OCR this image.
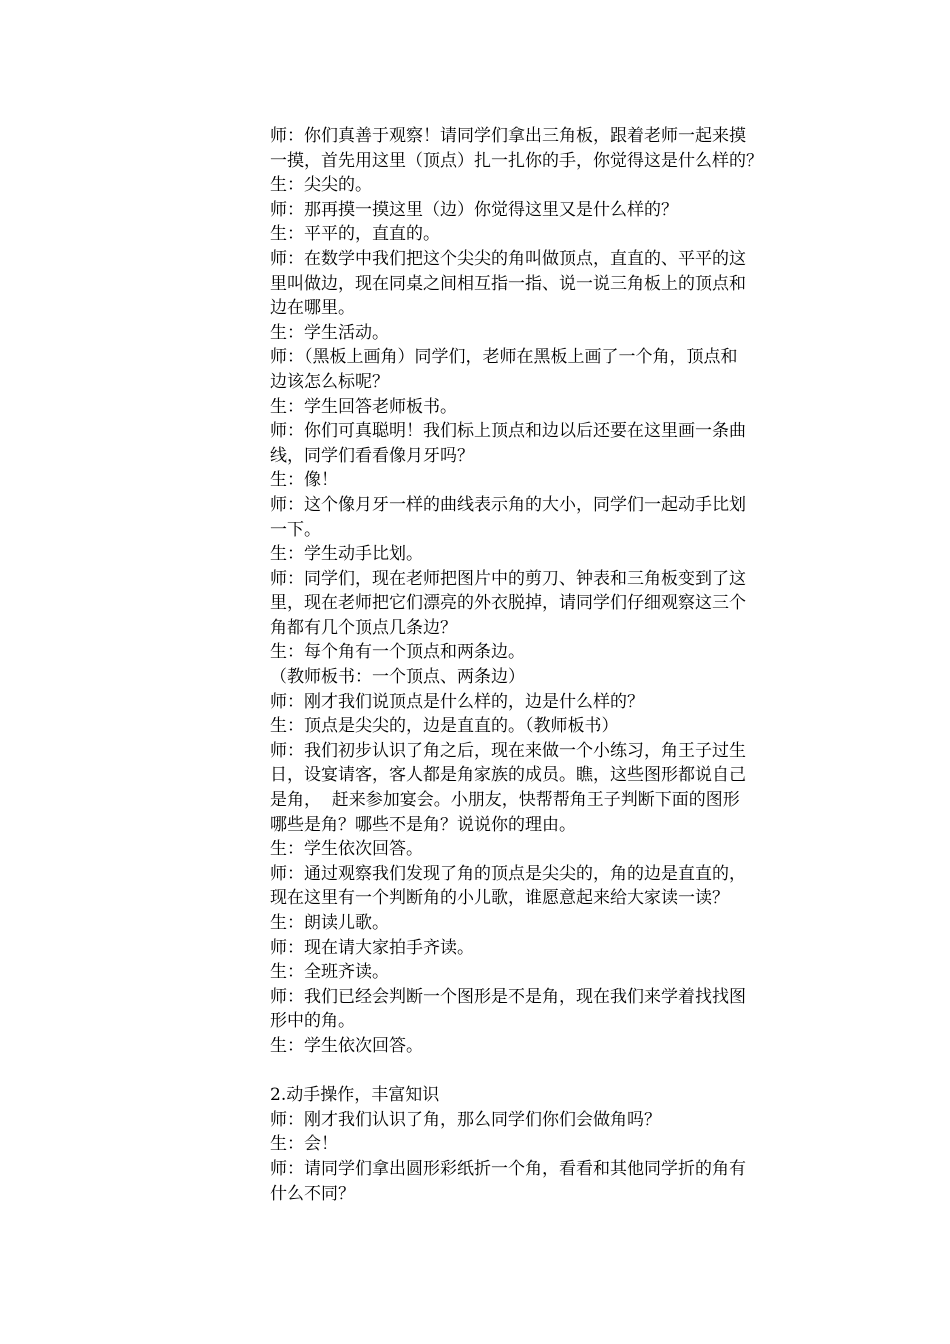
师：你们真善于观察！请同学们拿出三角板，跟着老师一起来摸
一摸，首先用这里（顶点）扎一扎你的手，你觉得这是什么样的？
生：尖尖的。
师：那再摸一摸这里（边）你觉得这里又是什么样的？
生：平平的，直直的。
师：在数学中我们把这个尖尖的角叫做顶点，直直的、平平的这
里叫做边，现在同桌之间相互指一指、说一说三角板上的顶点和
边在哪里。
生：学生活动。
师：（黑板上画角）同学们，老师在黑板上画了一个角，顶点和
边该怎么标呢？
生：学生回答老师板书。
师：你们可真聪明！我们标上顶点和边以后还要在这里画一条曲
线，同学们看看像月牙吗？
生：像！
师：这个像月牙一样的曲线表示角的大小，同学们一起动手比划
一下。
生：学生动手比划。
师：同学们，现在老师把图片中的剪刀、钟表和三角板变到了这
里，现在老师把它们漂亮的外衣脱掉，请同学们仔细观察这三个
角都有几个顶点几条边？
生：每个角有一个顶点和两条边。
（教师板书：一个顶点、两条边）
师：刚才我们说顶点是什么样的，边是什么样的？
生：顶点是尖尖的，边是直直的。（教师板书）
师：我们初步认识了角之后，现在来做一个小练习，角王子过生
日，设宴请客，客人都是角家族的成员。瞧，这些图形都说自己
是角，  赶来参加宴会。小朋友，快帮帮角王子判断下面的图形
哪些是角？哪些不是角？说说你的理由。
生：学生依次回答。
师：通过观察我们发现了角的顶点是尖尖的，角的边是直直的，
现在这里有一个判断角的小儿歌，谁愿意起来给大家读一读？
生：朗读儿歌。
师：现在请大家拍手齐读。
生：全班齐读。
师：我们已经会判断一个图形是不是角，现在我们来学着找找图
形中的角。
生：学生依次回答。
2.动手操作，丰富知识
师：刚才我们认识了角，那么同学们你们会做角吗？
生：会！
师：请同学们拿出圆形彩纸折一个角，看看和其他同学折的角有
什么不同？
